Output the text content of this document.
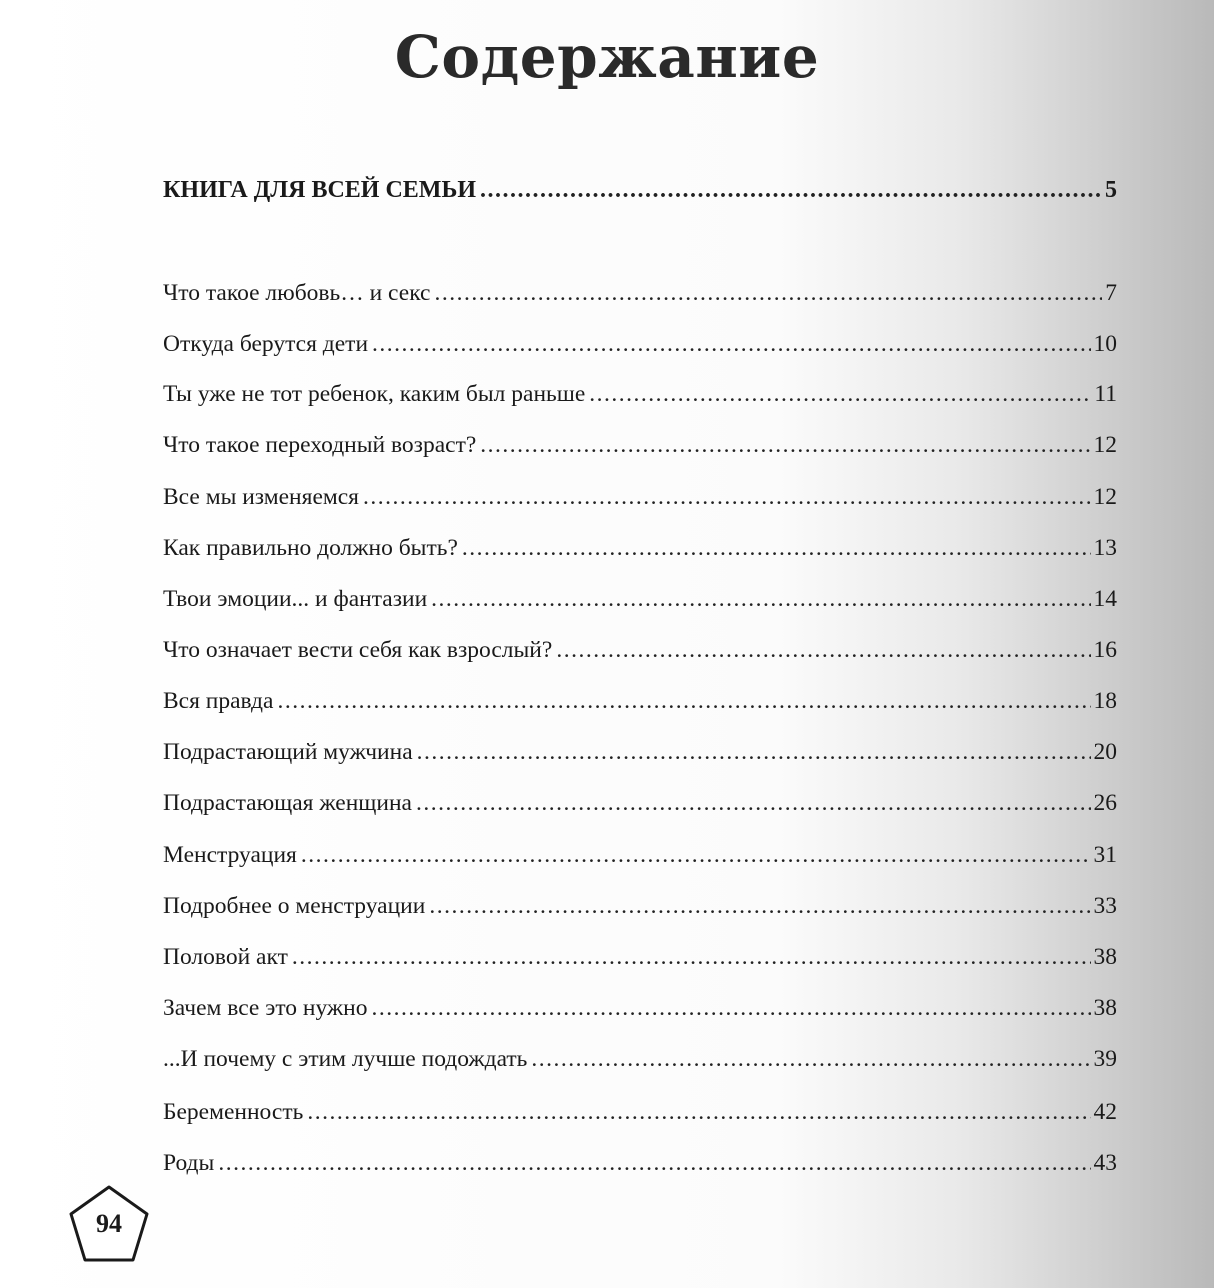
Содержание
КНИГА ДЛЯ ВСЕЙ СЕМЬИ .....	5
Что такое любовь… и секс .....	7
Откуда берутся дети .....	10
Ты уже не тот ребенок, каким был раньше .....	11
Что такое переходный возраст? .....	12
Все мы изменяемся .....	12
Как правильно должно быть? .....	13
Твои эмоции... и фантазии .....	14
Что означает вести себя как взрослый? .....	16
Вся правда .....	18
Подрастающий мужчина .....	20
Подрастающая женщина .....	26
Менструация .....	31
Подробнее о менструации .....	33
Половой акт .....	38
Зачем все это нужно .....	38
...И почему с этим лучше подождать .....	39
Беременность .....	42
Роды .....	43
94
